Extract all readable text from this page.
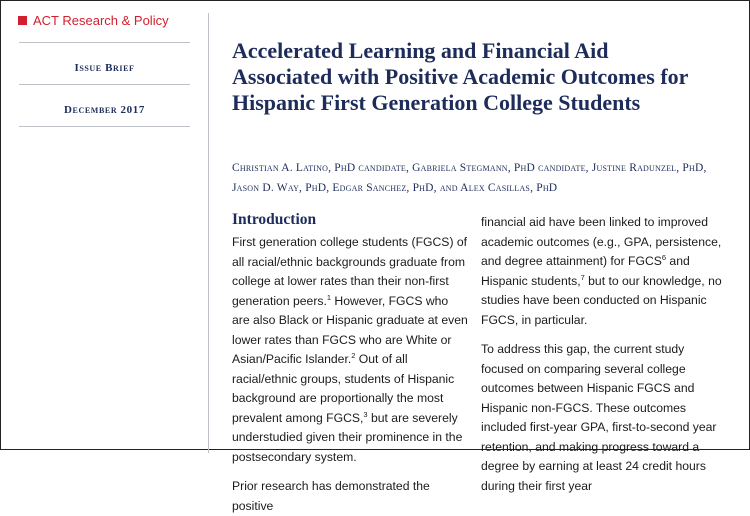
ACT Research & Policy
Issue Brief
December 2017
Accelerated Learning and Financial Aid Associated with Positive Academic Outcomes for Hispanic First Generation College Students
Christian A. Latino, PhD candidate, Gabriela Stegmann, PhD candidate, Justine Radunzel, PhD,
Jason D. Way, PhD, Edgar Sanchez, PhD, and Alex Casillas, PhD
Introduction

First generation college students (FGCS) of all racial/ethnic backgrounds graduate from college at lower rates than their non-first generation peers.$^1$ However, FGCS who are also Black or Hispanic graduate at even lower rates than FGCS who are White or Asian/Pacific Islander.$^2$ Out of all racial/ethnic groups, students of Hispanic background are proportionally the most prevalent among FGCS,$^3$ but are severely understudied given their prominence in the postsecondary system.

Prior research has demonstrated the positive

financial aid have been linked to improved academic outcomes (e.g., GPA, persistence, and degree attainment) for FGCS$^6$ and Hispanic students,$^7$ but to our knowledge, no studies have been conducted on Hispanic FGCS, in particular.

To address this gap, the current study focused on comparing several college outcomes between Hispanic FGCS and Hispanic non-FGCS. These outcomes included first-year GPA, first-to-second year retention, and making progress toward a degree by earning at least 24 credit hours during their first year
